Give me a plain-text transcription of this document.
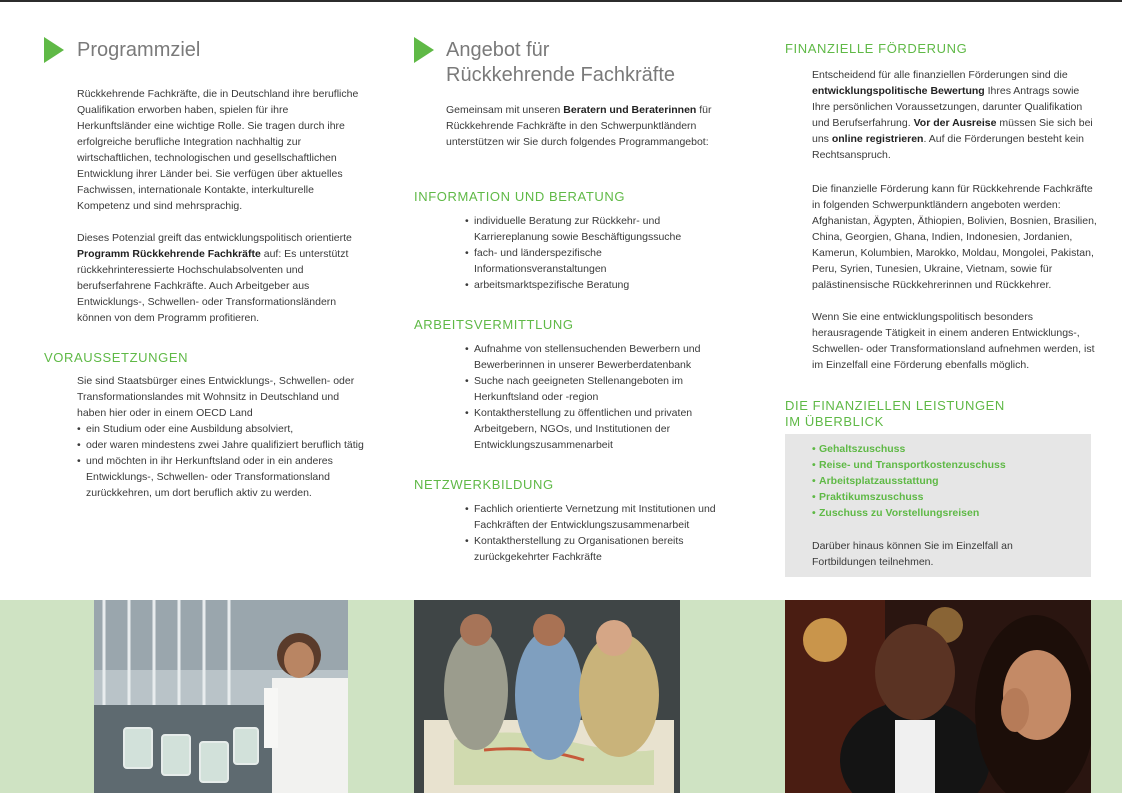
Programmziel

Rückkehrende Fachkräfte, die in Deutschland ihre berufliche Qualifikation erworben haben, spielen für ihre Herkunftsländer eine wichtige Rolle. Sie tragen durch ihre erfolgreiche berufliche Integration nachhaltig zur wirtschaftlichen, technologischen und gesellschaftlichen Entwicklung ihrer Länder bei. Sie verfügen über aktuelles Fachwissen, internationale Kontakte, interkulturelle Kompetenz und sind mehrsprachig.

Dieses Potenzial greift das entwicklungspolitisch orientierte Programm Rückkehrende Fachkräfte auf: Es unterstützt rückkehrinteressierte Hochschulabsolventen und berufserfahrene Fachkräfte. Auch Arbeitgeber aus Entwicklungs-, Schwellen- oder Transformationsländern können von dem Programm profitieren.

VORAUSSETZUNGEN

Sie sind Staatsbürger eines Entwicklungs-, Schwellen- oder Transformationslandes mit Wohnsitz in Deutschland und haben hier oder in einem OECD Land

• ein Studium oder eine Ausbildung absolviert,
• oder waren mindestens zwei Jahre qualifiziert beruflich tätig
• und möchten in ihr Herkunftsland oder in ein anderes Entwicklungs-, Schwellen- oder Transformationsland zurückkehren, um dort beruflich aktiv zu werden.
Angebot für
Rückkehrende Fachkräfte

Gemeinsam mit unseren Beratern und Beraterinnen für Rückkehrende Fachkräfte in den Schwerpunktländern unterstützen wir Sie durch folgendes Programmangebot:

INFORMATION UND BERATUNG
• individuelle Beratung zur Rückkehr- und Karriereplanung sowie Beschäftigungssuche
• fach- und länderspezifische Informationsveranstaltungen
• arbeitsmarktspezifische Beratung
ARBEITSVERMITTLUNG
• Aufnahme von stellensuchenden Bewerbern und Bewerberinnen in unserer Bewerberdatenbank
• Suche nach geeigneten Stellenangeboten im Herkunftsland oder -region
• Kontaktherstellung zu öffentlichen und privaten Arbeitgebern, NGOs, und Institutionen der Entwicklungszusammenarbeit
NETZWERKBILDUNG
• Fachlich orientierte Vernetzung mit Institutionen und Fachkräften der Entwicklungszusammenarbeit
• Kontaktherstellung zu Organisationen bereits zurückgekehrter Fachkräfte
FINANZIELLE FÖRDERUNG

Entscheidend für alle finanziellen Förderungen sind die entwicklungspolitische Bewertung Ihres Antrags sowie Ihre persönlichen Voraussetzungen, darunter Qualifikation und Berufserfahrung. Vor der Ausreise müssen Sie sich bei uns online registrieren. Auf die Förderungen besteht kein Rechtsanspruch.

Die finanzielle Förderung kann für Rückkehrende Fachkräfte in folgenden Schwerpunktländern angeboten werden: Afghanistan, Ägypten, Äthiopien, Bolivien, Bosnien, Brasilien, China, Georgien, Ghana, Indien, Indonesien, Jordanien, Kamerun, Kolumbien, Marokko, Moldau, Mongolei, Pakistan, Peru, Syrien, Tunesien, Ukraine, Vietnam, sowie für palästinensische Rückkehrerinnen und Rückkehrer.

Wenn Sie eine entwicklungspolitisch besonders herausragende Tätigkeit in einem anderen Entwicklungs-, Schwellen- oder Transformationsland aufnehmen werden, ist im Einzelfall eine Förderung ebenfalls möglich.

DIE FINANZIELLEN LEISTUNGEN
IM ÜBERBLICK
• Gehaltszuschuss
• Reise- und Transportkostenzuschuss
• Arbeitsplatzausstattung
• Praktikumszuschuss
• Zuschuss zu Vorstellungsreisen

Darüber hinaus können Sie im Einzelfall an Fortbildungen teilnehmen.
